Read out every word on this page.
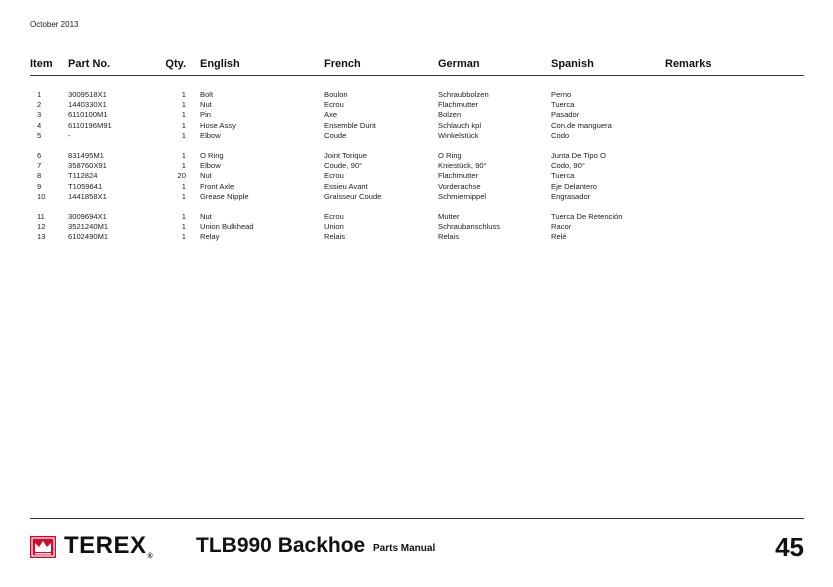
October 2013
Item	Part No.	Qty.	English	French	German	Spanish	Remarks

1	3009518X1	1	Bolt	Boulon	Schraubbolzen	Perno	
2	1440330X1	1	Nut	Ecrou	Flachmutter	Tuerca	
3	6110100M1	1	Pin	Axe	Bolzen	Pasador	
4	6110196M91	1	Hose Assy	Ensemble Durit	Schlauch kpl	Con.de manguera	
5	-	1	Elbow	Coude	Winkelstück	Codo	

6	831495M1	1	O Ring	Joint Torique	O Ring	Junta De Tipo O	
7	358760X91	1	Elbow	Coude, 90°	Kniestück, 90°	Codo, 90°	
8	T112824	20	Nut	Ecrou	Flachmutter	Tuerca	
9	T1059641	1	Front Axle	Essieu Avant	Vorderachse	Eje Delantero	
10	1441858X1	1	Grease Nipple	Graisseur Coude	Schmiernippel	Engrasador	

11	3009694X1	1	Nut	Ecrou	Mutter	Tuerca De Retención	
12	3521240M1	1	Union Bulkhead	Union	Schraubanschluss	Racor	
13	6102490M1	1	Relay	Relais	Relais	Relé	
TEREX® TLB990 Backhoe Parts Manual	45
